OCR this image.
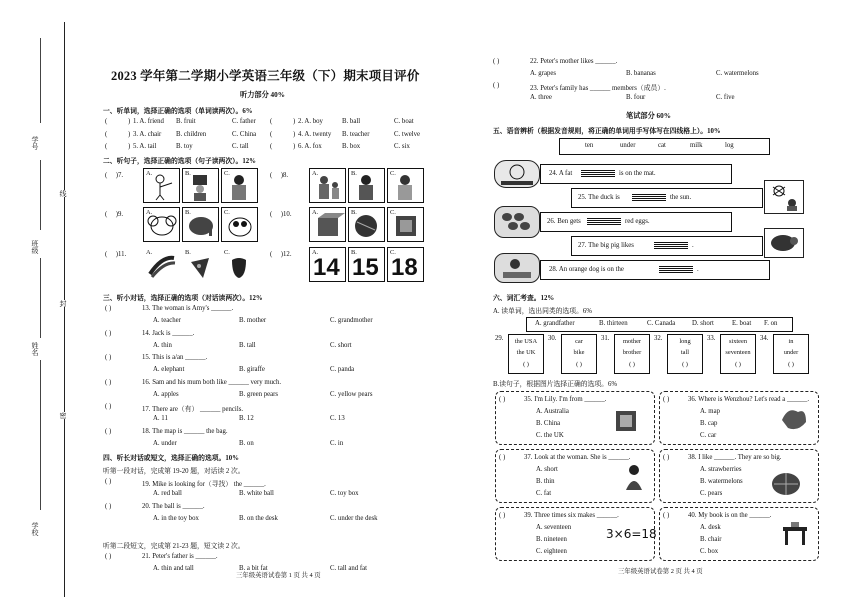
学号
班级
姓名
学校
线
封
密
2023 学年第二学期小学英语三年级（下）期末项目评价
听力部分 40%
一、听单词，选择正确的选项（单词读两次）。6%
(	) 1. A. friend B. fruit	C. father (	) 2. A. boy	B. ball	C. boat
(	) 3. A. chair B. children	C. China (	) 4. A. twenty B. teacher	C. twelve
(	) 5. A. tail	B. toy	C. tall	(	) 6. A. fox	B. box	C. six
二、听句子，选择正确的选项（句子读两次）。12%
(     )7.	A.	B.	C.	(     )8.	A.	B.	C.
(     )9.	A.	B.	C.	(     )10.	A.	B.	C.
(     )11.	A.	B.	C.	(     )12.	A.
14
B.
15
C.
18
三、听小对话，选择正确的选项（对话读两次）。12%
( )	13. The woman is Amy's ______.
A. teacher	B. mother	C. grandmother
( )	14. Jack is ______.
A. thin	B. tall	C. short
( )	15. This is a/an ______.
A. elephant	B. giraffe	C. panda
( )	16. Sam and his mum both like ______ very much.
A. apples	B. green pears	C. yellow pears
( )	17. There are（有） ______ pencils.
A. 11	B. 12	C. 13
( )	18. The map is ______ the bag.
A. under	B. on	C. in
四、听长对话或短文，选择正确的选项。10%
听第一段对话，完成第 19-20 题，对话读 2 次。
( )	19. Mike is looking for（寻找） the ______.
A. red ball	B. white ball	C. toy box
( )	20. The ball is ______.
A. in the toy box	B. on the desk	C. under the desk
( )	21. Peter's father is ______.
A. thin and tall	B. a bit fat	C. tall and fat
听第二段短文，完成第 21-23 题，短文读 2 次。
三年级英语试卷第 1 页 共 4 页
( )	22. Peter's mother likes ______.
A. grapes	B. bananas	C. watermelons
( )	23. Peter's family has ______ members（成员）.
A. three	B. four	C. five
笔试部分 60%
五、语音辨析（根据发音规则，将正确的单词用手写体写在四线格上）。10%
ten	under	cat	milk	log
24. A fat	is on the mat.
25. The duck is	the sun.
26. Ben gets	red eggs.
27. The big pig likes	.
28. An orange dog is on the	.
六、词汇考查。12%
A. 读单词，选出同类的选项。6%
A. grandfather	B. thirteen	C. Canada D. short	E. boat F. on
29.	the USA
the UK
( )
30.	car
bike
( )
31.	mother
brother
( )
32.	long
tall
( )
33.	sixteen
seventeen
( )
34.	in
under
( )
B.读句子，根据图片选择正确的选项。6%
( )	35. I'm Lily. I'm from ______.
A. Australia
B. China
C. the UK
( )	36. Where is Wenzhou? Let's read a ______.
A. map
B. cap
C. car
( )	37. Look at the woman. She is ______.
A. short
B. thin
C. fat
( )	38. I like ______. They are so big.
A. strawberries
B. watermelons
C. pears
( )	39. Three times six makes ______.
A. seventeen
B. nineteen
C. eighteen
( )	40. My book is on the ______.
A. desk
B. chair
C. box
3×6=18
三年级英语试卷第 2 页 共 4 页
